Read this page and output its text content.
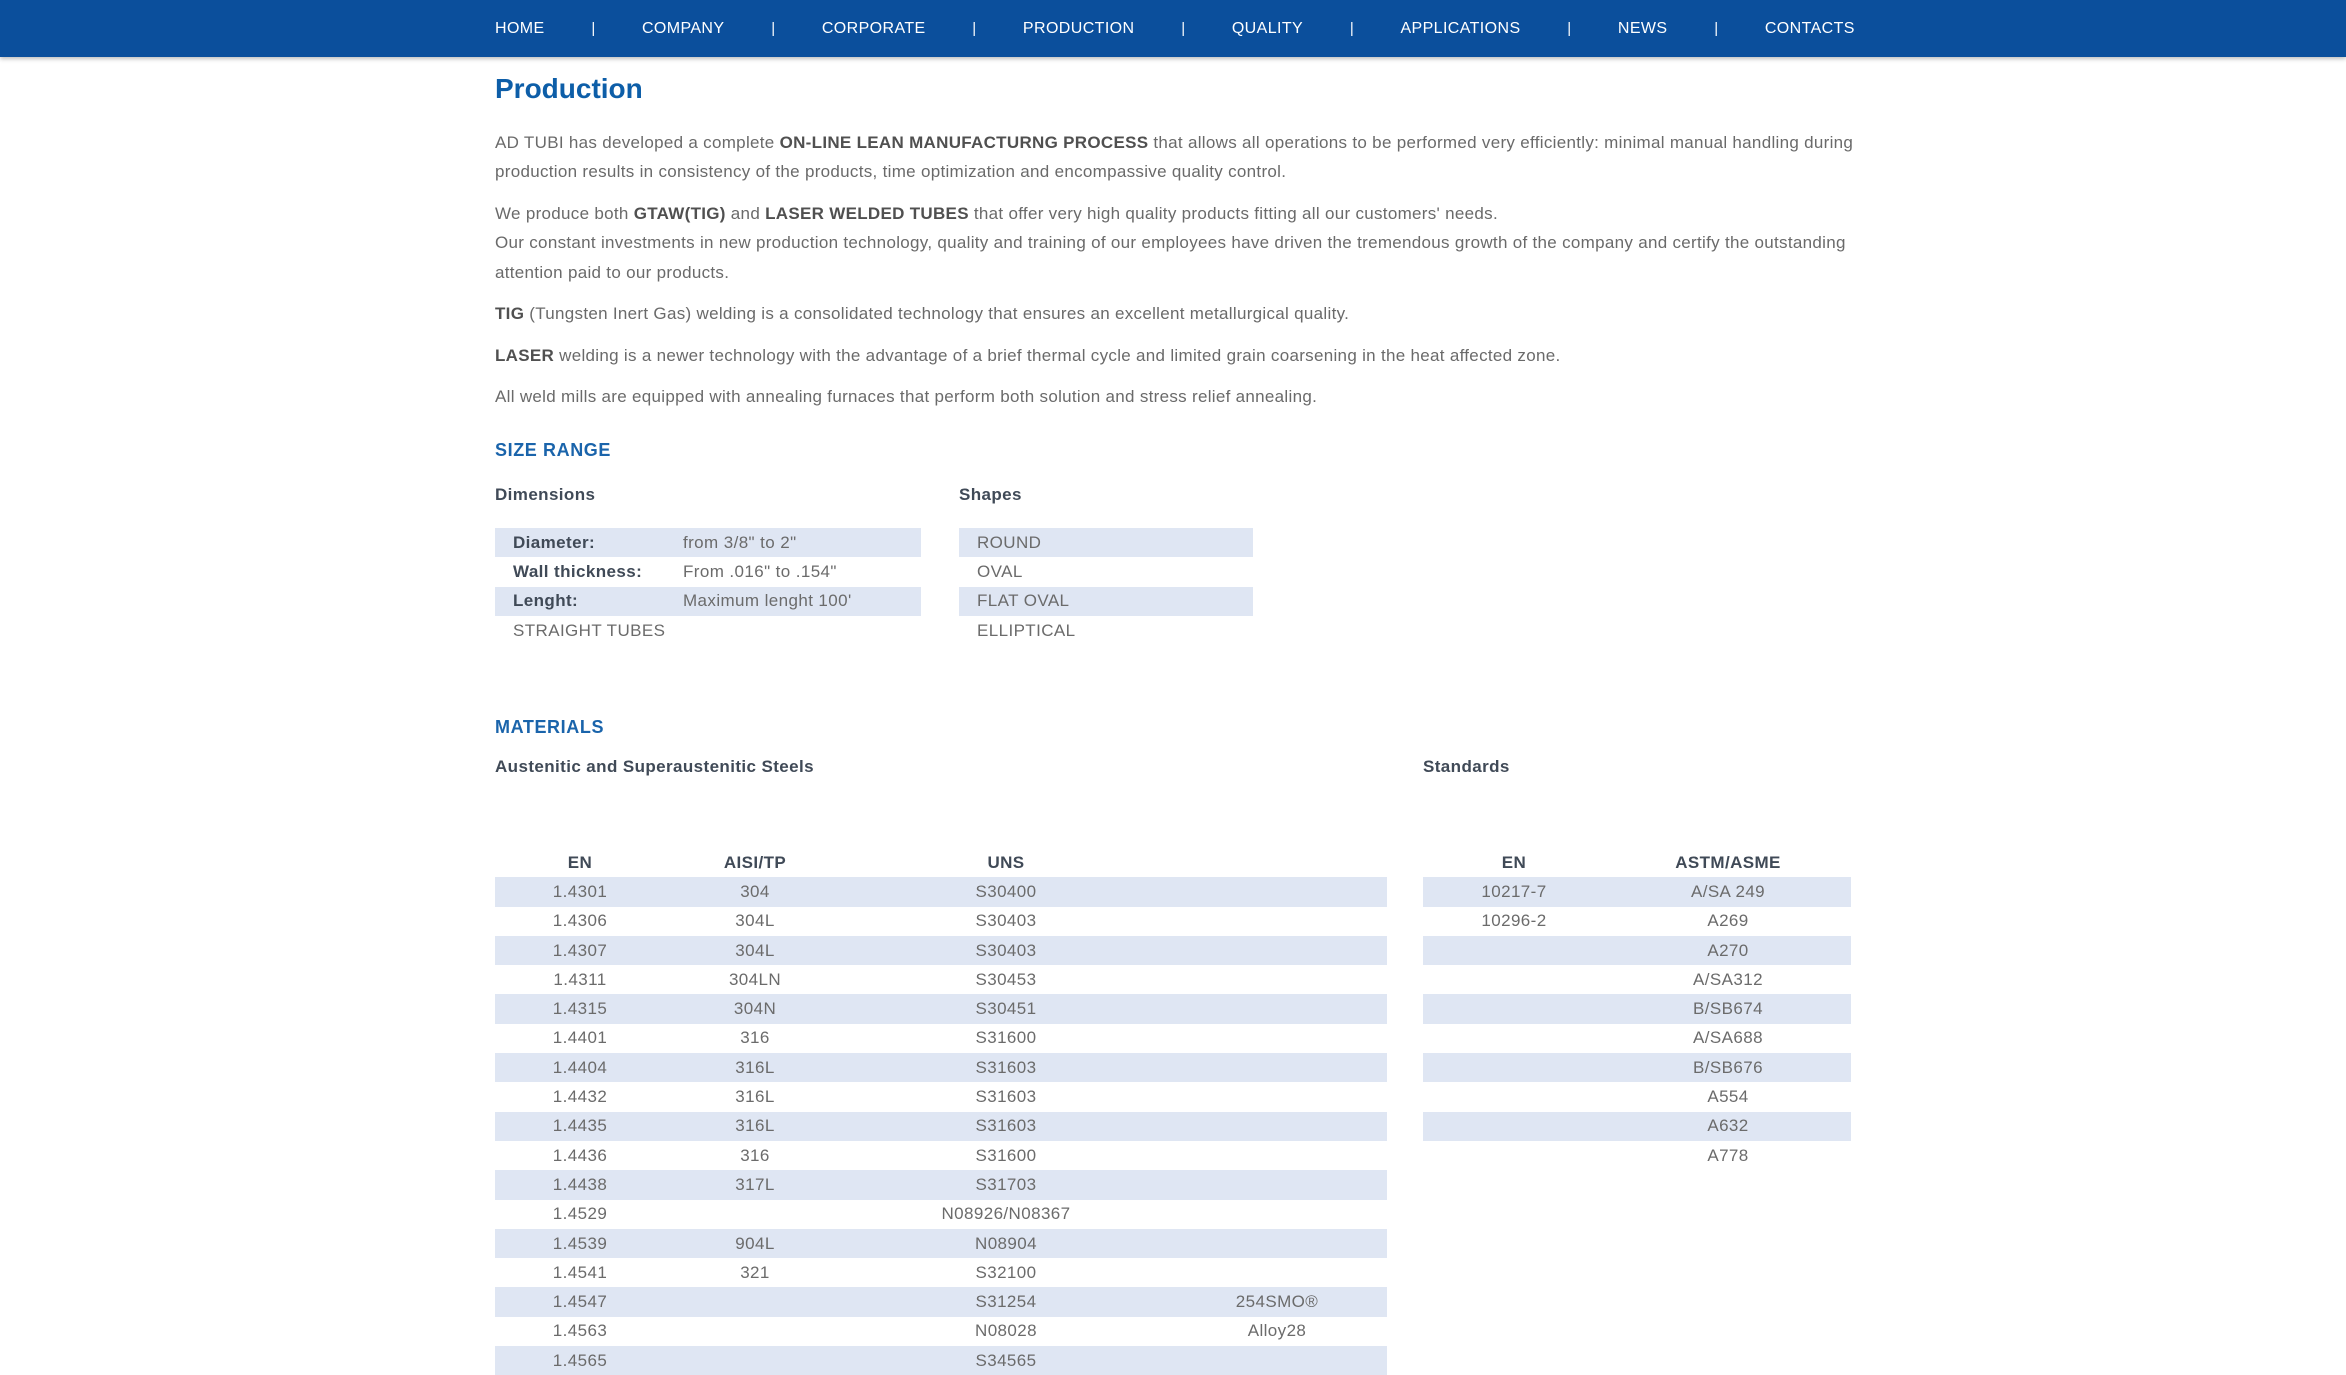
HOME	|	COMPANY	|	CORPORATE	|	PRODUCTION	|	QUALITY	|	APPLICATIONS	|	NEWS	|	CONTACTS
Production

AD TUBI has developed a complete ON-LINE LEAN MANUFACTURNG PROCESS that allows all operations to be performed very efficiently: minimal manual handling during production results in consistency of the products, time optimization and encompassive quality control.

We produce both GTAW(TIG) and LASER WELDED TUBES that offer very high quality products fitting all our customers' needs.

Our constant investments in new production technology, quality and training of our employees have driven the tremendous growth of the company and certify the outstanding attention paid to our products.

TIG (Tungsten Inert Gas) welding is a consolidated technology that ensures an excellent metallurgical quality.

LASER welding is a newer technology with the advantage of a brief thermal cycle and limited grain coarsening in the heat affected zone.

All weld mills are equipped with annealing furnaces that perform both solution and stress relief annealing.

SIZE RANGE
Dimensions	Shapes
Diameter:	from 3/8" to 2"
Wall thickness:	From .016" to .154"
Lenght:	Maximum lenght 100'
STRAIGHT TUBES	
ROUND
OVAL
FLAT OVAL
ELLIPTICAL
MATERIALS
Austenitic and Superaustenitic Steels	Standards
EN	AISI/TP	UNS	
1.4301	304	S30400	
1.4306	304L	S30403	
1.4307	304L	S30403	
1.4311	304LN	S30453	
1.4315	304N	S30451	
1.4401	316	S31600	
1.4404	316L	S31603	
1.4432	316L	S31603	
1.4435	316L	S31603	
1.4436	316	S31600	
1.4438	317L	S31703	
1.4529		N08926/N08367	
1.4539	904L	N08904	
1.4541	321	S32100	
1.4547		S31254	254SMO®
1.4563		N08028	Alloy28
1.4565		S34565	
EN	ASTM/ASME
10217-7	A/SA 249
10296-2	A269
	A270
	A/SA312
	B/SB674
	A/SA688
	B/SB676
	A554
	A632
	A778
